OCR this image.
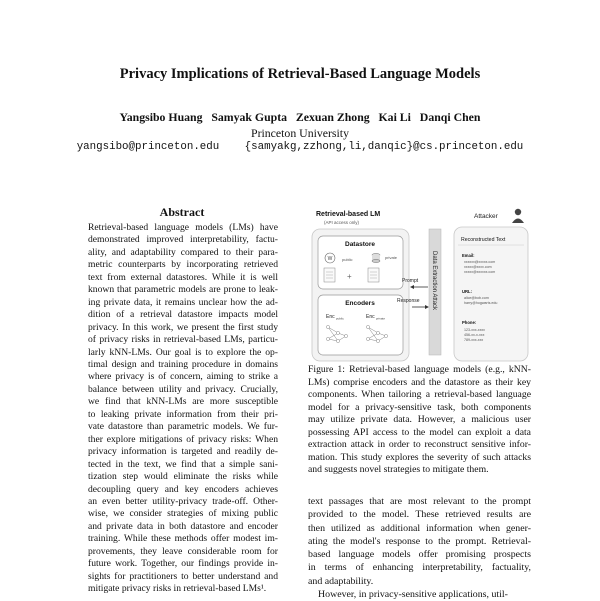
Privacy Implications of Retrieval-Based Language Models
Yangsibo Huang   Samyak Gupta   Zexuan Zhong   Kai Li   Danqi Chen
Princeton University
yangsibo@princeton.edu   {samyakg,zzhong,li,danqic}@cs.princeton.edu
Abstract
Retrieval-based language models (LMs) have
demonstrated improved interpretability, factu-
ality, and adaptability compared to their para-
metric counterparts by incorporating retrieved
text from external datastores. While it is well
known that parametric models are prone to leak-
ing private data, it remains unclear how the ad-
dition of a retrieval datastore impacts model
privacy. In this work, we present the first study
of privacy risks in retrieval-based LMs, particu-
larly kNN-LMs. Our goal is to explore the op-
timal design and training procedure in domains
where privacy is of concern, aiming to strike a
balance between utility and privacy. Crucially,
we find that kNN-LMs are more susceptible
to leaking private information from their pri-
vate datastore than parametric models. We fur-
ther explore mitigations of privacy risks: When
privacy information is targeted and readily de-
tected in the text, we find that a simple sani-
tization step would eliminate the risks while
decoupling query and key encoders achieves
an even better utility-privacy trade-off. Other-
wise, we consider strategies of mixing public
and private data in both datastore and encoder
training. While these methods offer modest im-
provements, they leave considerable room for
future work. Together, our findings provide in-
sights for practitioners to better understand and
mitigate privacy risks in retrieval-based LMs¹.
Retrieval-based LM
(API access only)
Datastore
W public	private
+
Encoders
Enc public	Enc private
Prompt
Response Data Extraction Attack
Attacker
Reconstructed Text
Email:
xxxxxx@xxxxx.com
xxxxx@xxxx.com
xxxxx@xxxxxx.com
URL:
alice@bob.com
harry@hogwarts.edu
Phone:
123-xxx-xxxx
456-xx-x-xxx
789-xxx-xxx
Figure 1: Retrieval-based language models (e.g., kNN-
LMs) comprise encoders and the datastore as their key
components. When tailoring a retrieval-based language
model for a privacy-sensitive task, both components
may utilize private data. However, a malicious user
possessing API access to the model can exploit a data
extraction attack in order to reconstruct sensitive infor-
mation. This study explores the severity of such attacks
and suggests novel strategies to mitigate them.
text passages that are most relevant to the prompt
provided to the model. These retrieved results are
then utilized as additional information when gener-
ating the model's response to the prompt. Retrieval-
based language models offer promising prospects
in terms of enhancing interpretability, factuality,
and adaptability.
However, in privacy-sensitive applications, util-
